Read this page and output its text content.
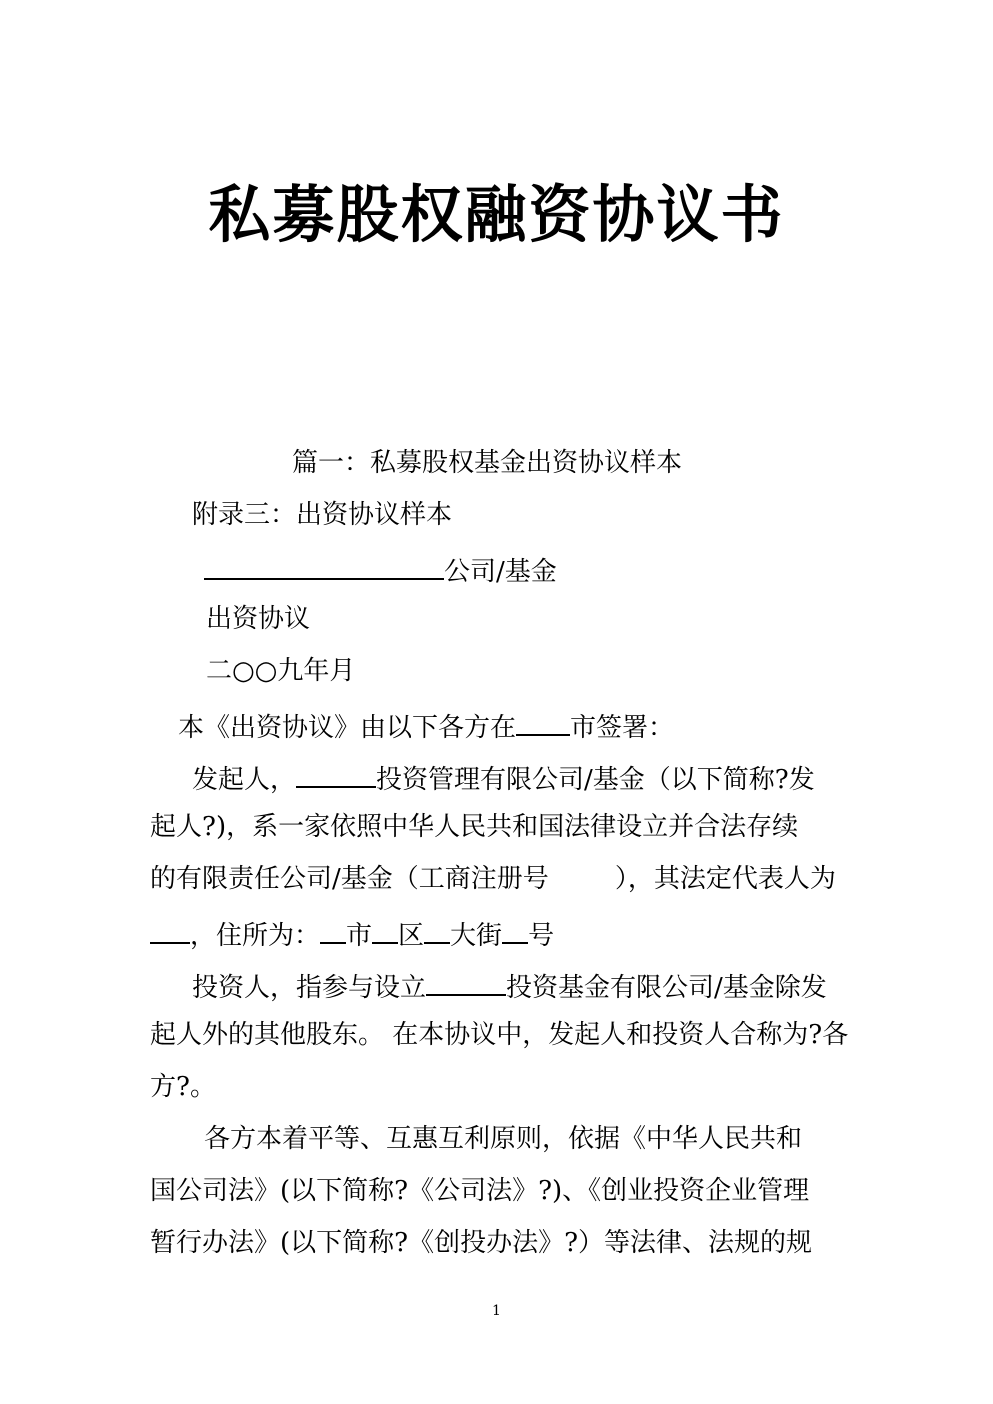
私募股权融资协议书
篇一：私募股权基金出资协议样本
附录三：出资协议样本
公司/基金
出资协议
二○○九年月
本《出资协议》由以下各方在 市签署：
发起人，	投资管理有限公司/基金（以下简称?发
起人?)，系一家依照中华人民共和国法律设立并合法存续
的有限责任公司/基金（工商注册号        ），其法定代表人为
，住所为： 市 区 大街 号
投资人，指参与设立	投资基金有限公司/基金除发
起人外的其他股东。 在本协议中，发起人和投资人合称为?各
方?。
各方本着平等、互惠互利原则，依据《中华人民共和
国公司法》(以下简称?《公司法》?)、《创业投资企业管理
暂行办法》(以下简称?《创投办法》?）等法律、法规的规
1
